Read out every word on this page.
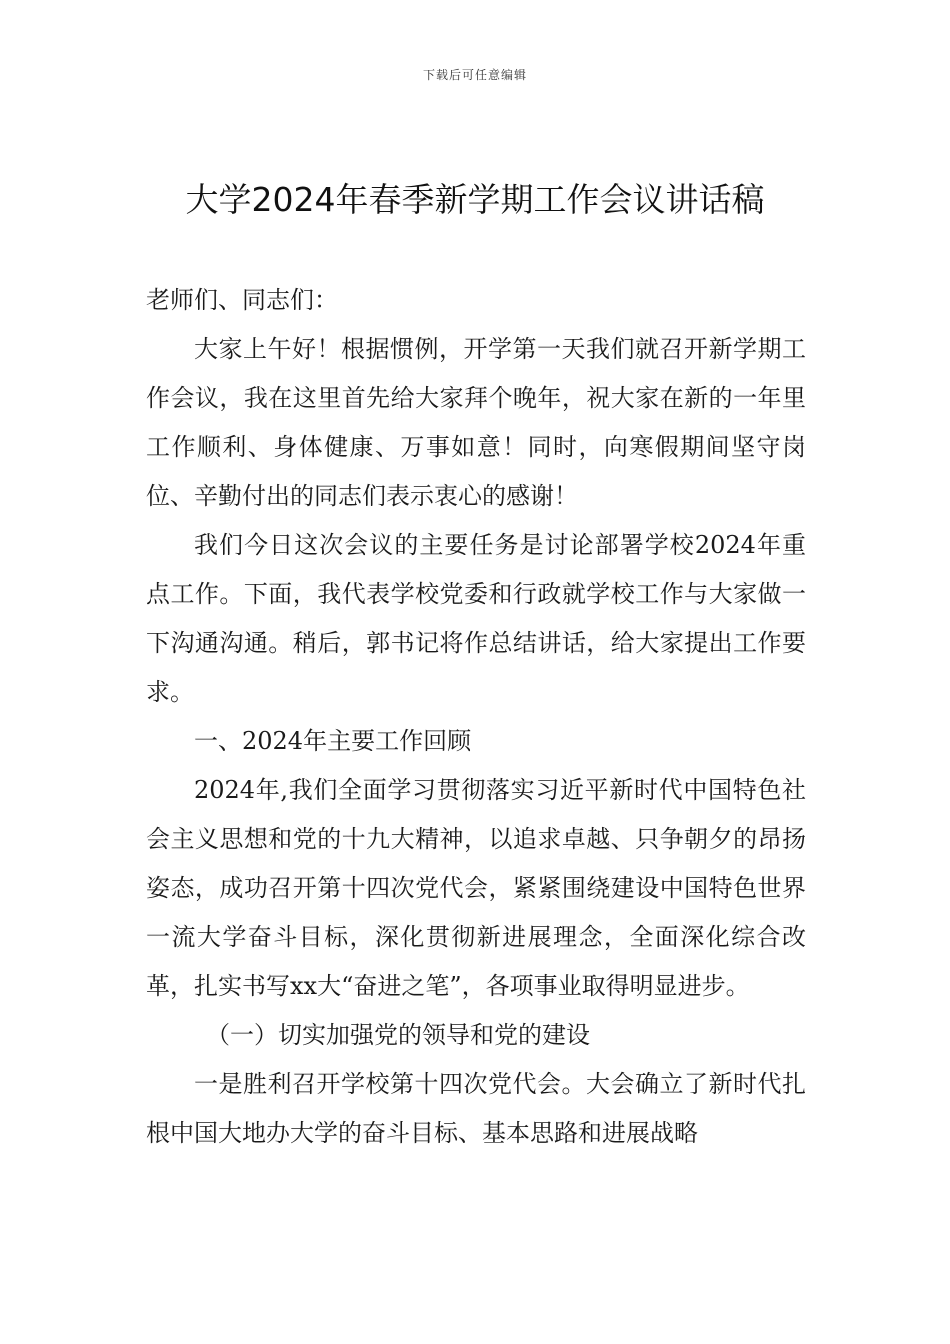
下载后可任意编辑
大学2024年春季新学期工作会议讲话稿

老师们、同志们：

大家上午好！根据惯例，开学第一天我们就召开新学期工作会议，我在这里首先给大家拜个晚年，祝大家在新的一年里工作顺利、身体健康、万事如意！同时，向寒假期间坚守岗位、辛勤付出的同志们表示衷心的感谢！

我们今日这次会议的主要任务是讨论部署学校2024年重点工作。下面，我代表学校党委和行政就学校工作与大家做一下沟通沟通。稍后，郭书记将作总结讲话，给大家提出工作要求。

一、2024年主要工作回顾

2024年,我们全面学习贯彻落实习近平新时代中国特色社会主义思想和党的十九大精神，以追求卓越、只争朝夕的昂扬姿态，成功召开第十四次党代会，紧紧围绕建设中国特色世界一流大学奋斗目标，深化贯彻新进展理念，全面深化综合改革，扎实书写xx大“奋进之笔”，各项事业取得明显进步。

（一）切实加强党的领导和党的建设

一是胜利召开学校第十四次党代会。大会确立了新时代扎根中国大地办大学的奋斗目标、基本思路和进展战略
